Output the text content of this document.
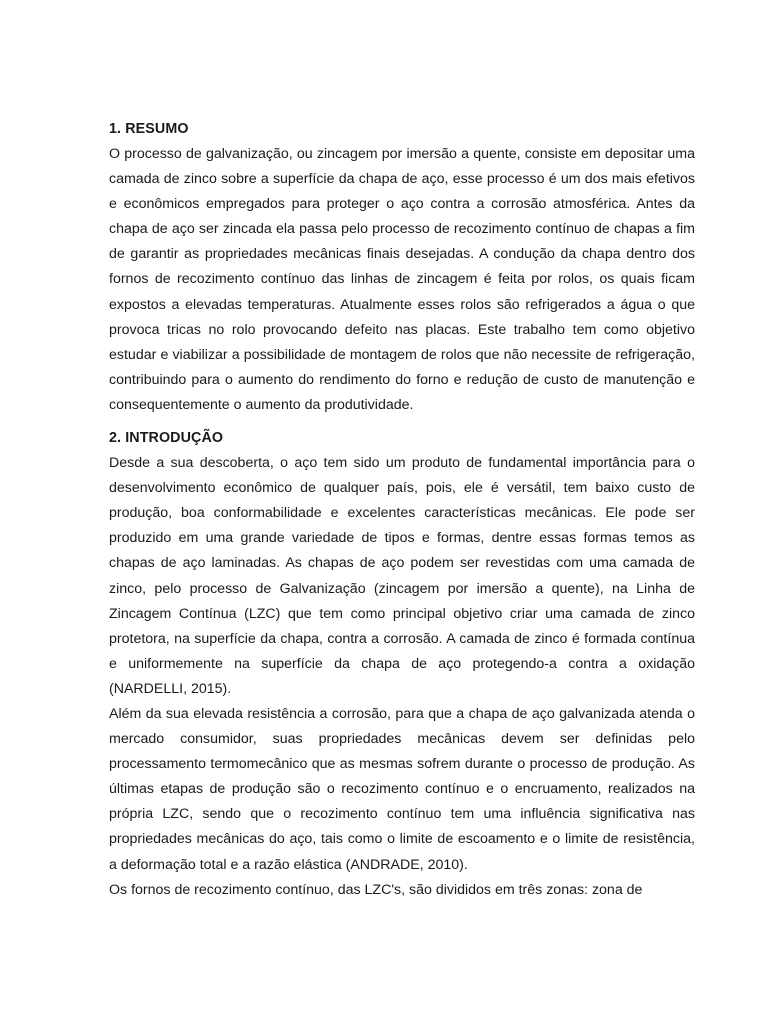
1. RESUMO

O processo de galvanização, ou zincagem por imersão a quente, consiste em depositar uma camada de zinco sobre a superfície da chapa de aço, esse processo é um dos mais efetivos e econômicos empregados para proteger o aço contra a corrosão atmosférica. Antes da chapa de aço ser zincada ela passa pelo processo de recozimento contínuo de chapas a fim de garantir as propriedades mecânicas finais desejadas. A condução da chapa dentro dos fornos de recozimento contínuo das linhas de zincagem é feita por rolos, os quais ficam expostos a elevadas temperaturas. Atualmente esses rolos são refrigerados a água o que provoca tricas no rolo provocando defeito nas placas. Este trabalho tem como objetivo estudar e viabilizar a possibilidade de montagem de rolos que não necessite de refrigeração, contribuindo para o aumento do rendimento do forno e redução de custo de manutenção e consequentemente o aumento da produtividade.

2. INTRODUÇÃO

Desde a sua descoberta, o aço tem sido um produto de fundamental importância para o desenvolvimento econômico de qualquer país, pois, ele é versátil, tem baixo custo de produção, boa conformabilidade e excelentes características mecânicas. Ele pode ser produzido em uma grande variedade de tipos e formas, dentre essas formas temos as chapas de aço laminadas. As chapas de aço podem ser revestidas com uma camada de zinco, pelo processo de Galvanização (zincagem por imersão a quente), na Linha de Zincagem Contínua (LZC) que tem como principal objetivo criar uma camada de zinco protetora, na superfície da chapa, contra a corrosão. A camada de zinco é formada contínua e uniformemente na superfície da chapa de aço protegendo-a contra a oxidação (NARDELLI, 2015).

Além da sua elevada resistência a corrosão, para que a chapa de aço galvanizada atenda o mercado consumidor, suas propriedades mecânicas devem ser definidas pelo processamento termomecânico que as mesmas sofrem durante o processo de produção. As últimas etapas de produção são o recozimento contínuo e o encruamento, realizados na própria LZC, sendo que o recozimento contínuo tem uma influência significativa nas propriedades mecânicas do aço, tais como o limite de escoamento e o limite de resistência, a deformação total e a razão elástica (ANDRADE, 2010).

Os fornos de recozimento contínuo, das LZC's, são divididos em três zonas: zona de
